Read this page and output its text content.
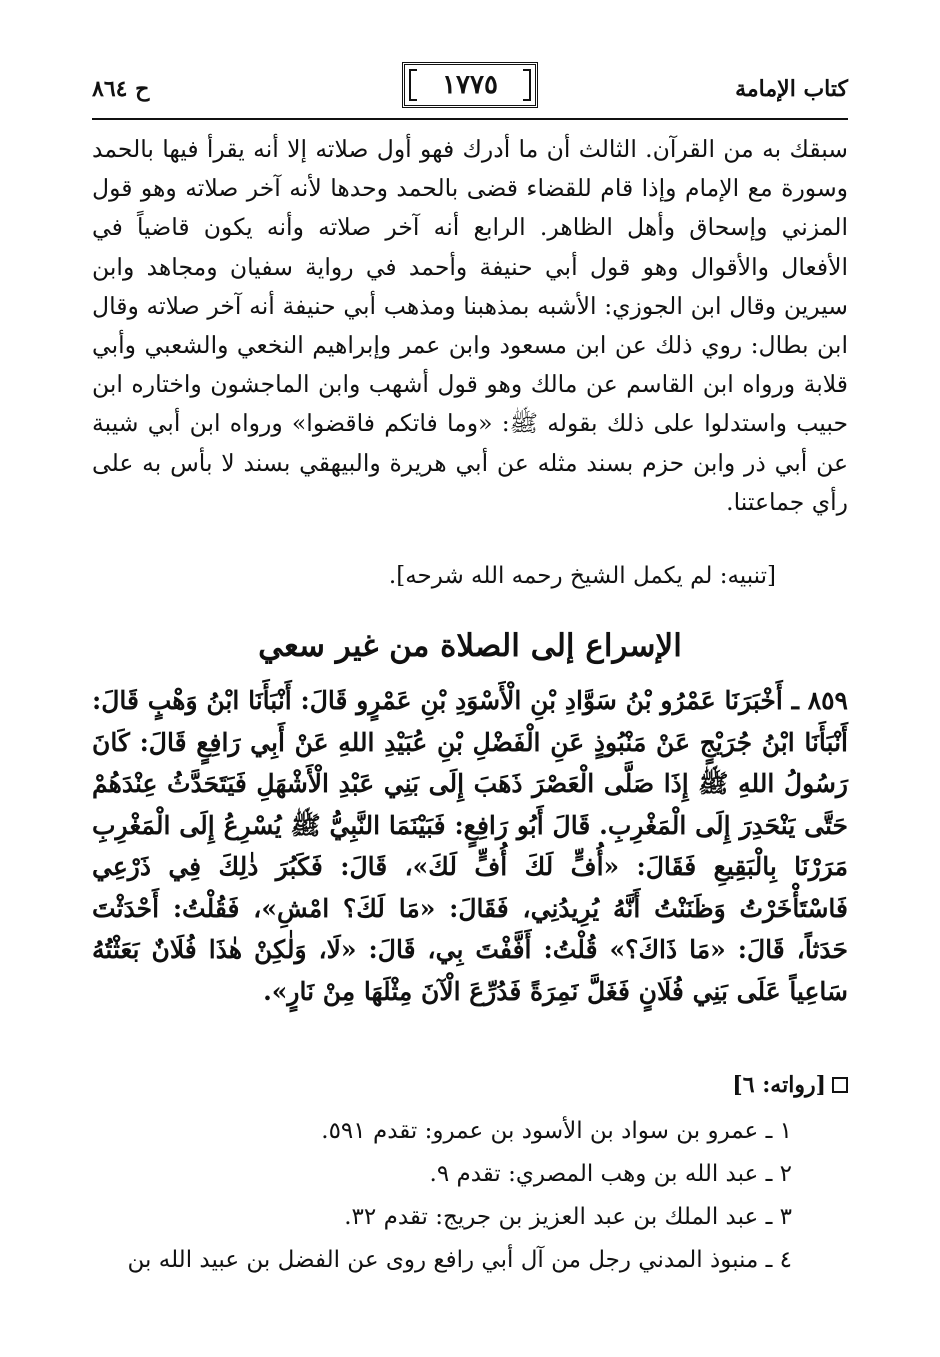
كتاب الإمامة
١٧٧٥
ح ٨٦٤

سبقك به من القرآن. الثالث أن ما أدرك فهو أول صلاته إلا أنه يقرأ فيها بالحمد وسورة مع الإمام وإذا قام للقضاء قضى بالحمد وحدها لأنه آخر صلاته وهو قول المزني وإسحاق وأهل الظاهر. الرابع أنه آخر صلاته وأنه يكون قاضياً في الأفعال والأقوال وهو قول أبي حنيفة وأحمد في رواية سفيان ومجاهد وابن سيرين وقال ابن الجوزي: الأشبه بمذهبنا ومذهب أبي حنيفة أنه آخر صلاته وقال ابن بطال: روي ذلك عن ابن مسعود وابن عمر وإبراهيم النخعي والشعبي وأبي قلابة ورواه ابن القاسم عن مالك وهو قول أشهب وابن الماجشون واختاره ابن حبيب واستدلوا على ذلك بقوله ﷺ: «وما فاتكم فاقضوا» ورواه ابن أبي شيبة عن أبي ذر وابن حزم بسند مثله عن أبي هريرة والبيهقي بسند لا بأس به على رأي جماعتنا.

[تنبيه: لم يكمل الشيخ رحمه الله شرحه].
الإسراع إلى الصلاة من غير سعي
٨٥٩ ـ أَخْبَرَنَا عَمْرُو بْنُ سَوَّادِ بْنِ الْأَسْوَدِ بْنِ عَمْرٍو قَالَ: أَنْبَأَنَا ابْنُ وَهْبٍ قَالَ: أَنْبَأَنَا ابْنُ جُرَيْجٍ عَنْ مَنْبُوذٍ عَنِ الْفَضْلِ بْنِ عُبَيْدِ اللهِ عَنْ أَبِي رَافِعٍ قَالَ: كَانَ رَسُولُ اللهِ ﷺ إِذَا صَلَّى الْعَصْرَ ذَهَبَ إِلَى بَنِي عَبْدِ الْأَشْهَلِ فَيَتَحَدَّثُ عِنْدَهُمْ حَتَّى يَنْحَدِرَ إِلَى الْمَغْرِبِ. قَالَ أَبُو رَافِعٍ: فَبَيْنَمَا النَّبِيُّ ﷺ يُسْرِعُ إِلَى الْمَغْرِبِ مَرَرْنَا بِالْبَقِيعِ فَقَالَ: «أُفٍّ لَكَ أُفٍّ لَكَ»، قَالَ: فَكَبُرَ ذٰلِكَ فِي ذَرْعِي فَاسْتَأْخَرْتُ وَظَنَنْتُ أَنَّهُ يُرِيدُنِي، فَقَالَ: «مَا لَكَ؟ امْشِ»، فَقُلْتُ: أَحْدَثْتَ حَدَثاً، قَالَ: «مَا ذَاكَ؟» قُلْتُ: أَفَّفْتَ بِي، قَالَ: «لَا، وَلٰكِنْ هٰذَا فُلَانٌ بَعَثْتُهُ سَاعِياً عَلَى بَنِي فُلَانٍ فَغَلَّ نَمِرَةً فَدُرِّعَ الْآنَ مِثْلَهَا مِنْ نَارٍ».
[رواته: ٦]
١ ـ عمرو بن سواد بن الأسود بن عمرو: تقدم ٥٩١.
٢ ـ عبد الله بن وهب المصري: تقدم ٩.
٣ ـ عبد الملك بن عبد العزيز بن جريج: تقدم ٣٢.
٤ ـ منبوذ المدني رجل من آل أبي رافع روى عن الفضل بن عبيد الله بن
